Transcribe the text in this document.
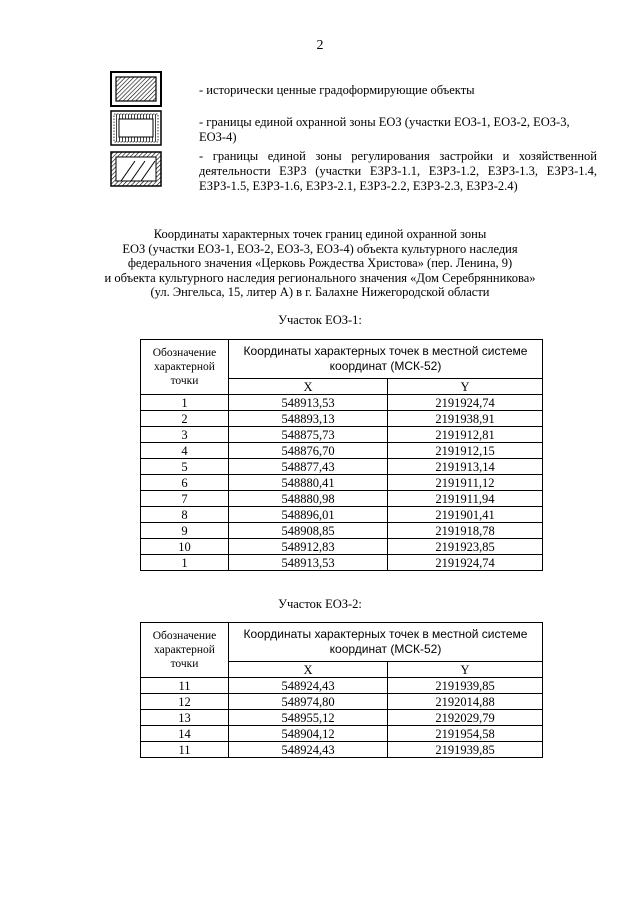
2
- исторически ценные градоформирующие объекты
- границы единой охранной зоны ЕОЗ (участки ЕОЗ-1, ЕОЗ-2, ЕОЗ-3, ЕОЗ-4)
- границы единой зоны регулирования застройки и хозяйственной деятельности ЕЗРЗ (участки ЕЗРЗ-1.1, ЕЗРЗ-1.2, ЕЗРЗ-1.3, ЕЗРЗ-1.4, ЕЗРЗ-1.5, ЕЗРЗ-1.6, ЕЗРЗ-2.1, ЕЗРЗ-2.2, ЕЗРЗ-2.3, ЕЗРЗ-2.4)
Координаты характерных точек границ единой охранной зоны
ЕОЗ (участки ЕОЗ-1, ЕОЗ-2, ЕОЗ-3, ЕОЗ-4) объекта культурного наследия
федерального значения «Церковь Рождества Христова» (пер. Ленина, 9)
и объекта культурного наследия регионального значения «Дом Серебрянникова»
(ул. Энгельса, 15, литер А) в г. Балахне Нижегородской области
Участок ЕОЗ-1:
Обозначение характерной точки	Координаты характерных точек в местной системе координат (МСК-52)	
	X	Y
1	548913,53	2191924,74
2	548893,13	2191938,91
3	548875,73	2191912,81
4	548876,70	2191912,15
5	548877,43	2191913,14
6	548880,41	2191911,12
7	548880,98	2191911,94
8	548896,01	2191901,41
9	548908,85	2191918,78
10	548912,83	2191923,85
1	548913,53	2191924,74
Участок ЕОЗ-2:
Обозначение характерной точки	Координаты характерных точек в местной системе координат (МСК-52)	
	X	Y
11	548924,43	2191939,85
12	548974,80	2192014,88
13	548955,12	2192029,79
14	548904,12	2191954,58
11	548924,43	2191939,85
